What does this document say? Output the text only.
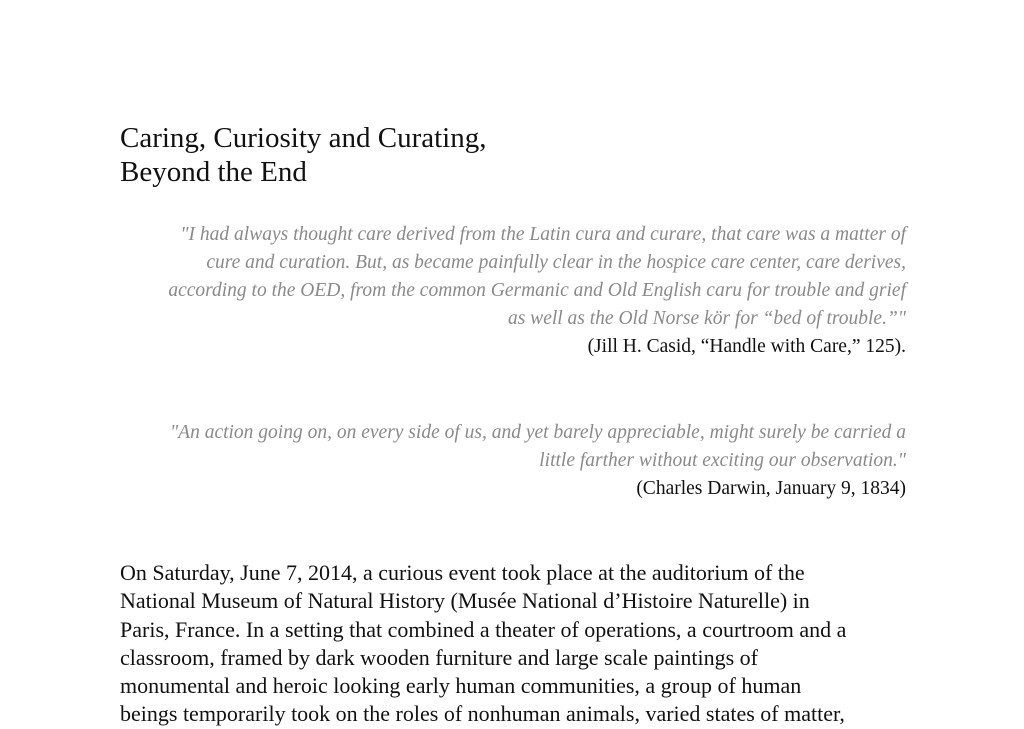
Caring, Curiosity and Curating,
Beyond the End
"I had always thought care derived from the Latin cura and curare, that care was a matter of
cure and curation. But, as became painfully clear in the hospice care center, care derives,
according to the OED, from the common Germanic and Old English caru for trouble and grief
as well as the Old Norse kör for “bed of trouble.”"
(Jill H. Casid, “Handle with Care,” 125).
"An action going on, on every side of us, and yet barely appreciable, might surely be carried a
little farther without exciting our observation."
(Charles Darwin, January 9, 1834)
On Saturday, June 7, 2014, a curious event took place at the auditorium of the
National Museum of Natural History (Musée National d’Histoire Naturelle) in
Paris, France. In a setting that combined a theater of operations, a courtroom and a
classroom, framed by dark wooden furniture and large scale paintings of
monumental and heroic looking early human communities, a group of human
beings temporarily took on the roles of nonhuman animals, varied states of matter,
